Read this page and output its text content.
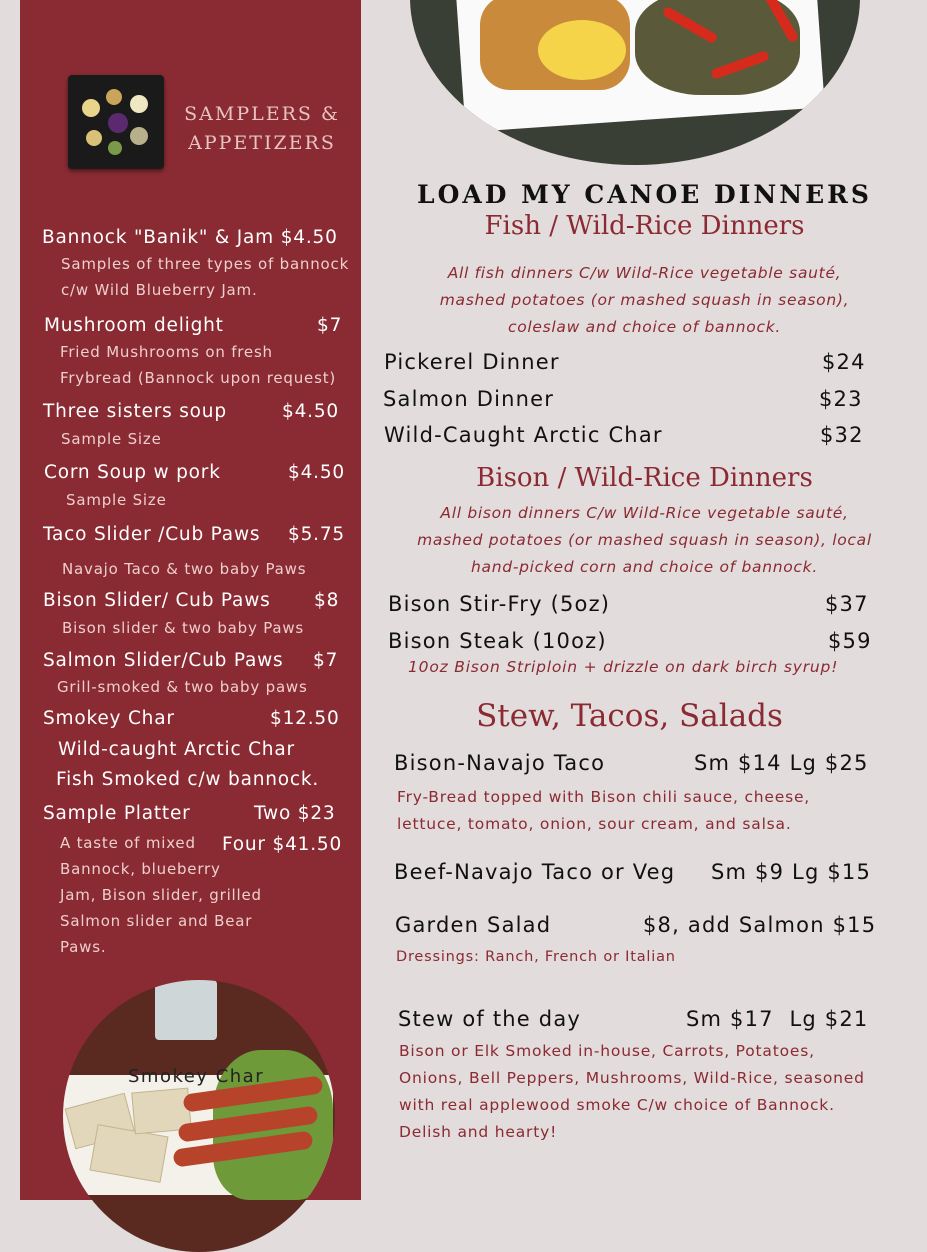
SAMPLERS &
APPETIZERS
Bannock "Banik" & Jam $4.50
Samples of three types of bannock
c/w Wild Blueberry Jam.
Mushroom delight	$7
Fried Mushrooms on fresh
Frybread (Bannock upon request)
Three sisters soup	$4.50
Sample Size
Corn Soup w pork	$4.50
Sample Size
Taco Slider /Cub Paws $5.75
Navajo Taco & two baby Paws
Bison Slider/ Cub Paws $8
Bison slider & two baby Paws
Salmon Slider/Cub Paws $7
Grill-smoked & two baby paws
Smokey Char	$12.50
Wild-caught Arctic Char
Fish Smoked c/w bannock.
Sample Platter	Two $23
Four $41.50
A taste of mixed
Bannock, blueberry
Jam, Bison slider, grilled
Salmon slider and Bear
Paws.
Smokey Char
LOAD MY CANOE DINNERS
Fish / Wild-Rice Dinners
All fish dinners C/w Wild-Rice vegetable sauté,
mashed potatoes (or mashed squash in season),
coleslaw and choice of bannock.
Pickerel Dinner	$24
Salmon Dinner	$23
Wild-Caught Arctic Char	$32
Bison / Wild-Rice Dinners
All bison dinners C/w Wild-Rice vegetable sauté,
mashed potatoes (or mashed squash in season), local
hand-picked corn and choice of bannock.
Bison Stir-Fry (5oz)	$37
Bison Steak (10oz)	$59
10oz Bison Striploin + drizzle on dark birch syrup!
Stew, Tacos, Salads
Bison-Navajo Taco	Sm $14 Lg $25
Fry-Bread topped with Bison chili sauce, cheese,
lettuce, tomato, onion, sour cream, and salsa.
Beef-Navajo Taco or Veg Sm $9 Lg $15
Garden Salad	$8, add Salmon $15
Dressings: Ranch, French or Italian
Stew of the day	Sm $17  Lg $21
Bison or Elk Smoked in-house, Carrots, Potatoes,
Onions, Bell Peppers, Mushrooms, Wild-Rice, seasoned
with real applewood smoke C/w choice of Bannock.
Delish and hearty!
